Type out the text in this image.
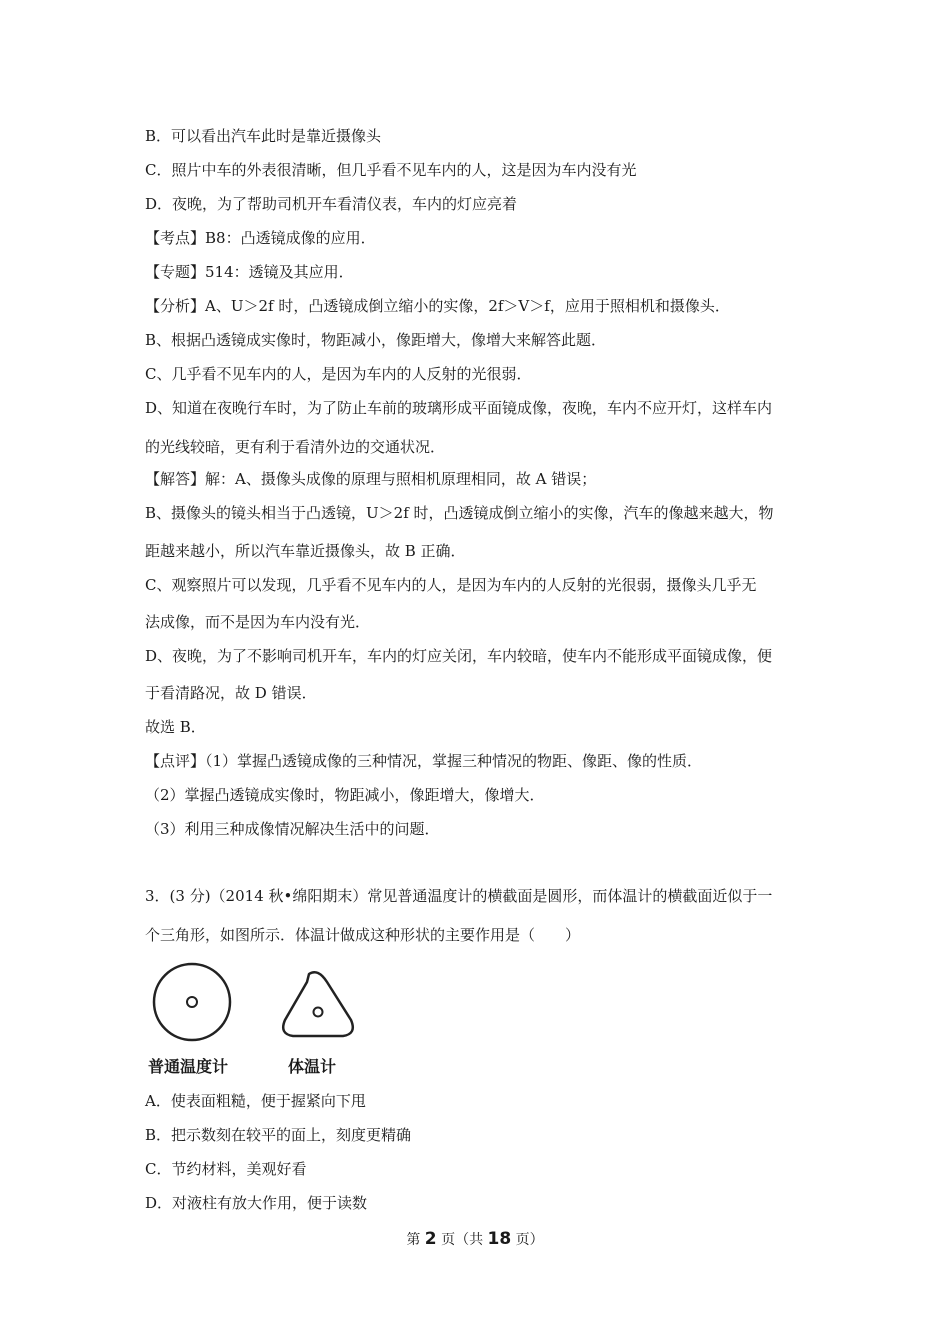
B．可以看出汽车此时是靠近摄像头
C．照片中车的外表很清晰，但几乎看不见车内的人，这是因为车内没有光
D．夜晚，为了帮助司机开车看清仪表，车内的灯应亮着
【考点】B8：凸透镜成像的应用．
【专题】514：透镜及其应用．
【分析】A、U＞2f 时，凸透镜成倒立缩小的实像，2f＞V＞f，应用于照相机和摄像头．
B、根据凸透镜成实像时，物距减小，像距增大，像增大来解答此题．
C、几乎看不见车内的人，是因为车内的人反射的光很弱．
D、知道在夜晚行车时，为了防止车前的玻璃形成平面镜成像，夜晚，车内不应开灯，这样车内
的光线较暗，更有利于看清外边的交通状况．
【解答】解：A、摄像头成像的原理与照相机原理相同，故 A 错误；
B、摄像头的镜头相当于凸透镜，U＞2f 时，凸透镜成倒立缩小的实像，汽车的像越来越大，物
距越来越小，所以汽车靠近摄像头，故 B 正确．
C、观察照片可以发现，几乎看不见车内的人，是因为车内的人反射的光很弱，摄像头几乎无
法成像，而不是因为车内没有光．
D、夜晚，为了不影响司机开车，车内的灯应关闭，车内较暗，使车内不能形成平面镜成像，便
于看清路况，故 D 错误．
故选 B．
【点评】（1）掌握凸透镜成像的三种情况，掌握三种情况的物距、像距、像的性质．
（2）掌握凸透镜成实像时，物距减小，像距增大，像增大．
（3）利用三种成像情况解决生活中的问题．
3．(3 分)（2014 秋•绵阳期末）常见普通温度计的横截面是圆形，而体温计的横截面近似于一
个三角形，如图所示．体温计做成这种形状的主要作用是（　　）
普通温度计	体温计
A．使表面粗糙，便于握紧向下甩
B．把示数刻在较平的面上，刻度更精确
C．节约材料，美观好看
D．对液柱有放大作用，便于读数
第 2 页（共 18 页）
